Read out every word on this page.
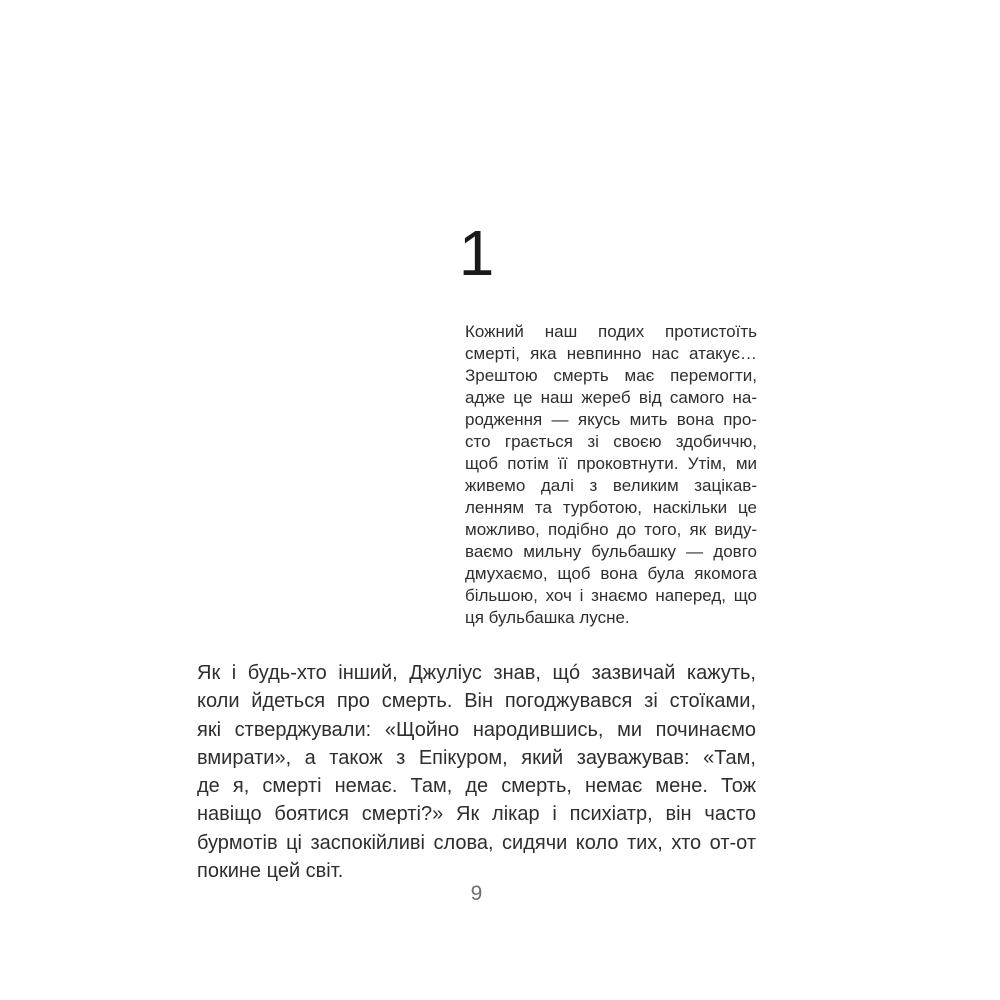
1
Кожний наш подих протистоїть
смерті, яка невпинно нас атакує…
Зрештою смерть має перемогти,
адже це наш жереб від самого на-
родження — якусь мить вона про-
сто грається зі своєю здобиччю,
щоб потім її проковтнути. Утім, ми
живемо далі з великим зацікав-
ленням та турботою, наскільки це
можливо, подібно до того, як виду-
ваємо мильну бульбашку — довго
дмухаємо, щоб вона була якомога
більшою, хоч і знаємо наперед, що
ця бульбашка лусне.
Як і будь-хто інший, Джуліус знав, щó зазвичай кажуть,
коли йдеться про смерть. Він погоджувався зі стоїками,
які стверджували: «Щойно народившись, ми починаємо
вмирати», а також з Епікуром, який зауважував: «Там,
де я, смерті немає. Там, де смерть, немає мене. Тож
навіщо боятися смерті?» Як лікар і психіатр, він часто
бурмотів ці заспокійливі слова, сидячи коло тих, хто от-от
покине цей світ.
9
